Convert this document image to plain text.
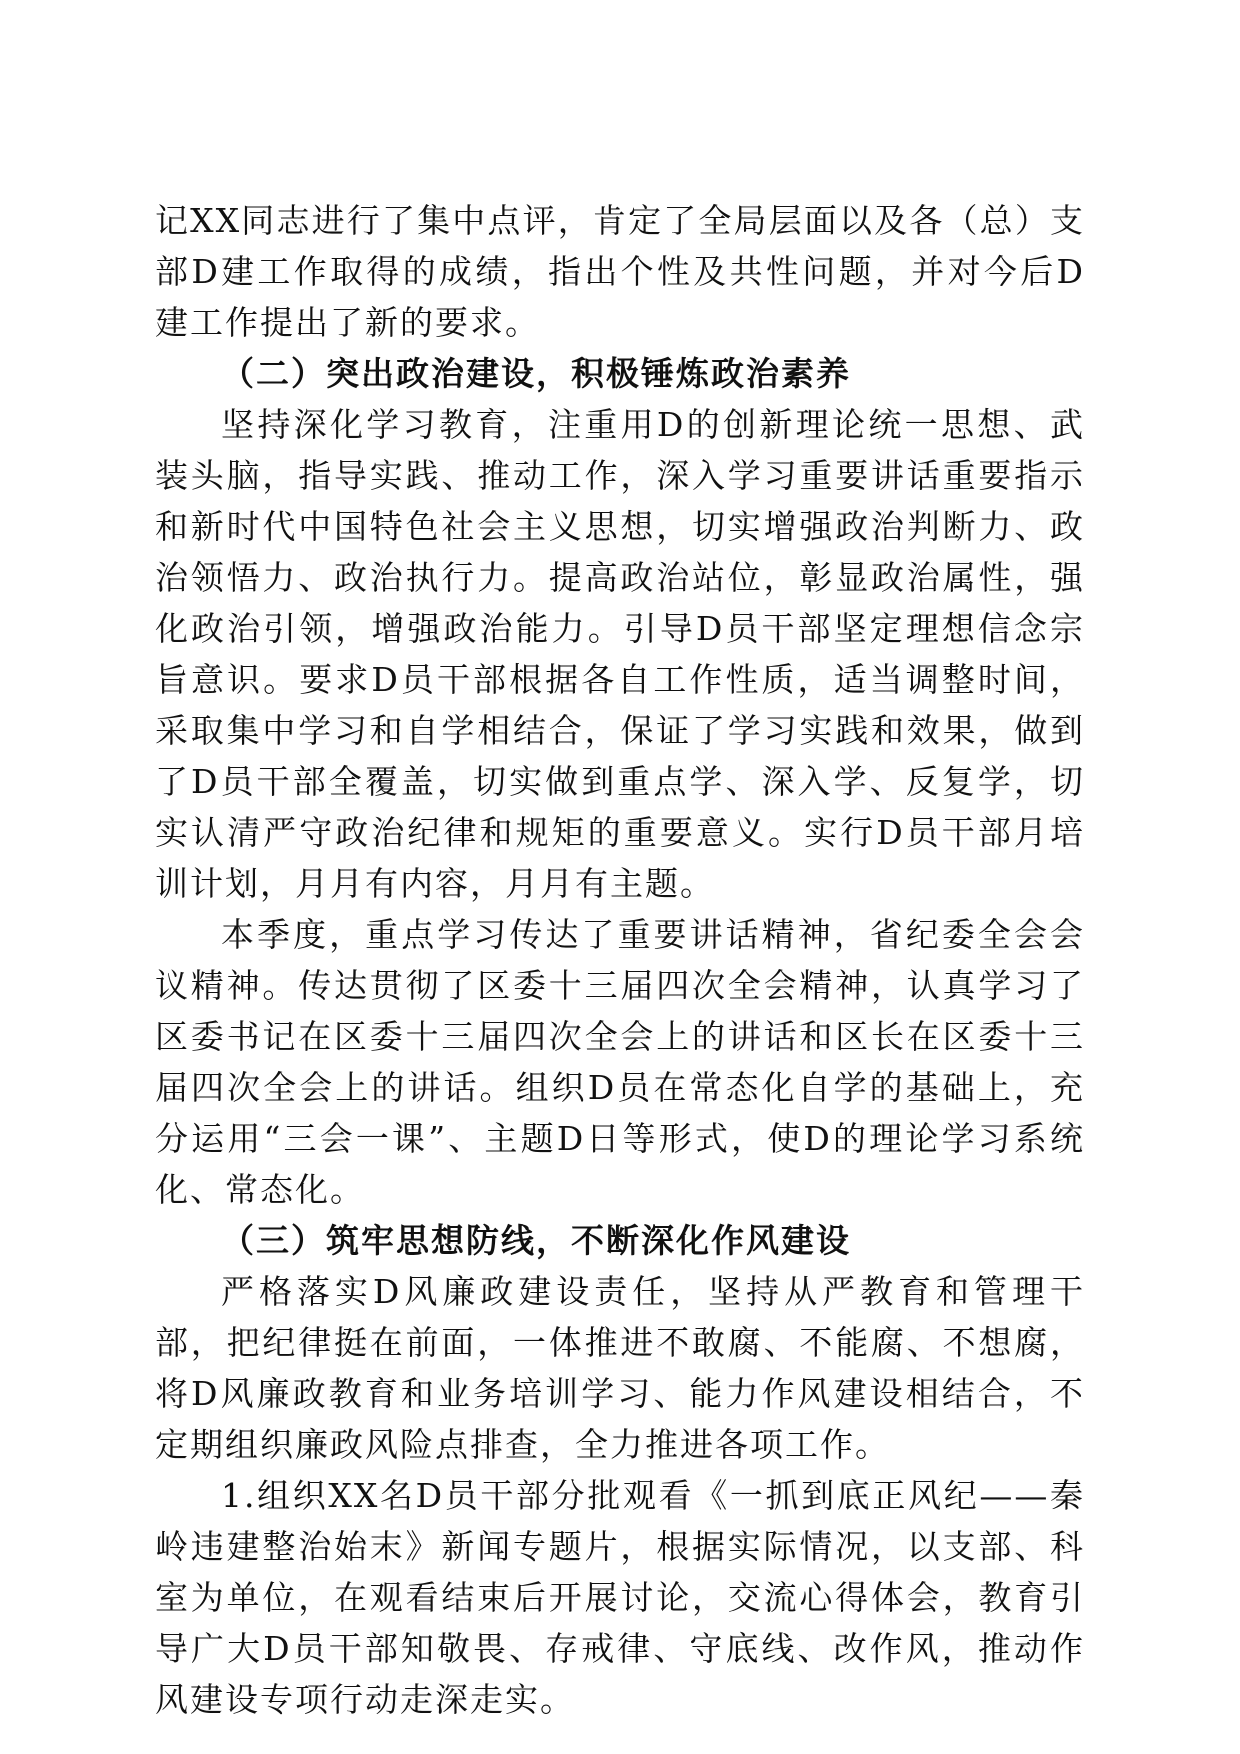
记XX同志进行了集中点评，肯定了全局层面以及各（总）支部D建工作取得的成绩，指出个性及共性问题，并对今后D建工作提出了新的要求。

（二）突出政治建设，积极锤炼政治素养

坚持深化学习教育，注重用D的创新理论统一思想、武装头脑，指导实践、推动工作，深入学习重要讲话重要指示和新时代中国特色社会主义思想，切实增强政治判断力、政治领悟力、政治执行力。提高政治站位，彰显政治属性，强化政治引领，增强政治能力。引导D员干部坚定理想信念宗旨意识。要求D员干部根据各自工作性质，适当调整时间，采取集中学习和自学相结合，保证了学习实践和效果，做到了D员干部全覆盖，切实做到重点学、深入学、反复学，切实认清严守政治纪律和规矩的重要意义。实行D员干部月培训计划，月月有内容，月月有主题。

本季度，重点学习传达了重要讲话精神，省纪委全会会议精神。传达贯彻了区委十三届四次全会精神，认真学习了区委书记在区委十三届四次全会上的讲话和区长在区委十三届四次全会上的讲话。组织D员在常态化自学的基础上，充分运用“三会一课”、主题D日等形式，使D的理论学习系统化、常态化。

（三）筑牢思想防线，不断深化作风建设

严格落实D风廉政建设责任，坚持从严教育和管理干部，把纪律挺在前面，一体推进不敢腐、不能腐、不想腐，将D风廉政教育和业务培训学习、能力作风建设相结合，不定期组织廉政风险点排查，全力推进各项工作。

1.组织XX名D员干部分批观看《一抓到底正风纪——秦岭违建整治始末》新闻专题片，根据实际情况，以支部、科室为单位，在观看结束后开展讨论，交流心得体会，教育引导广大D员干部知敬畏、存戒律、守底线、改作风，推动作风建设专项行动走深走实。
